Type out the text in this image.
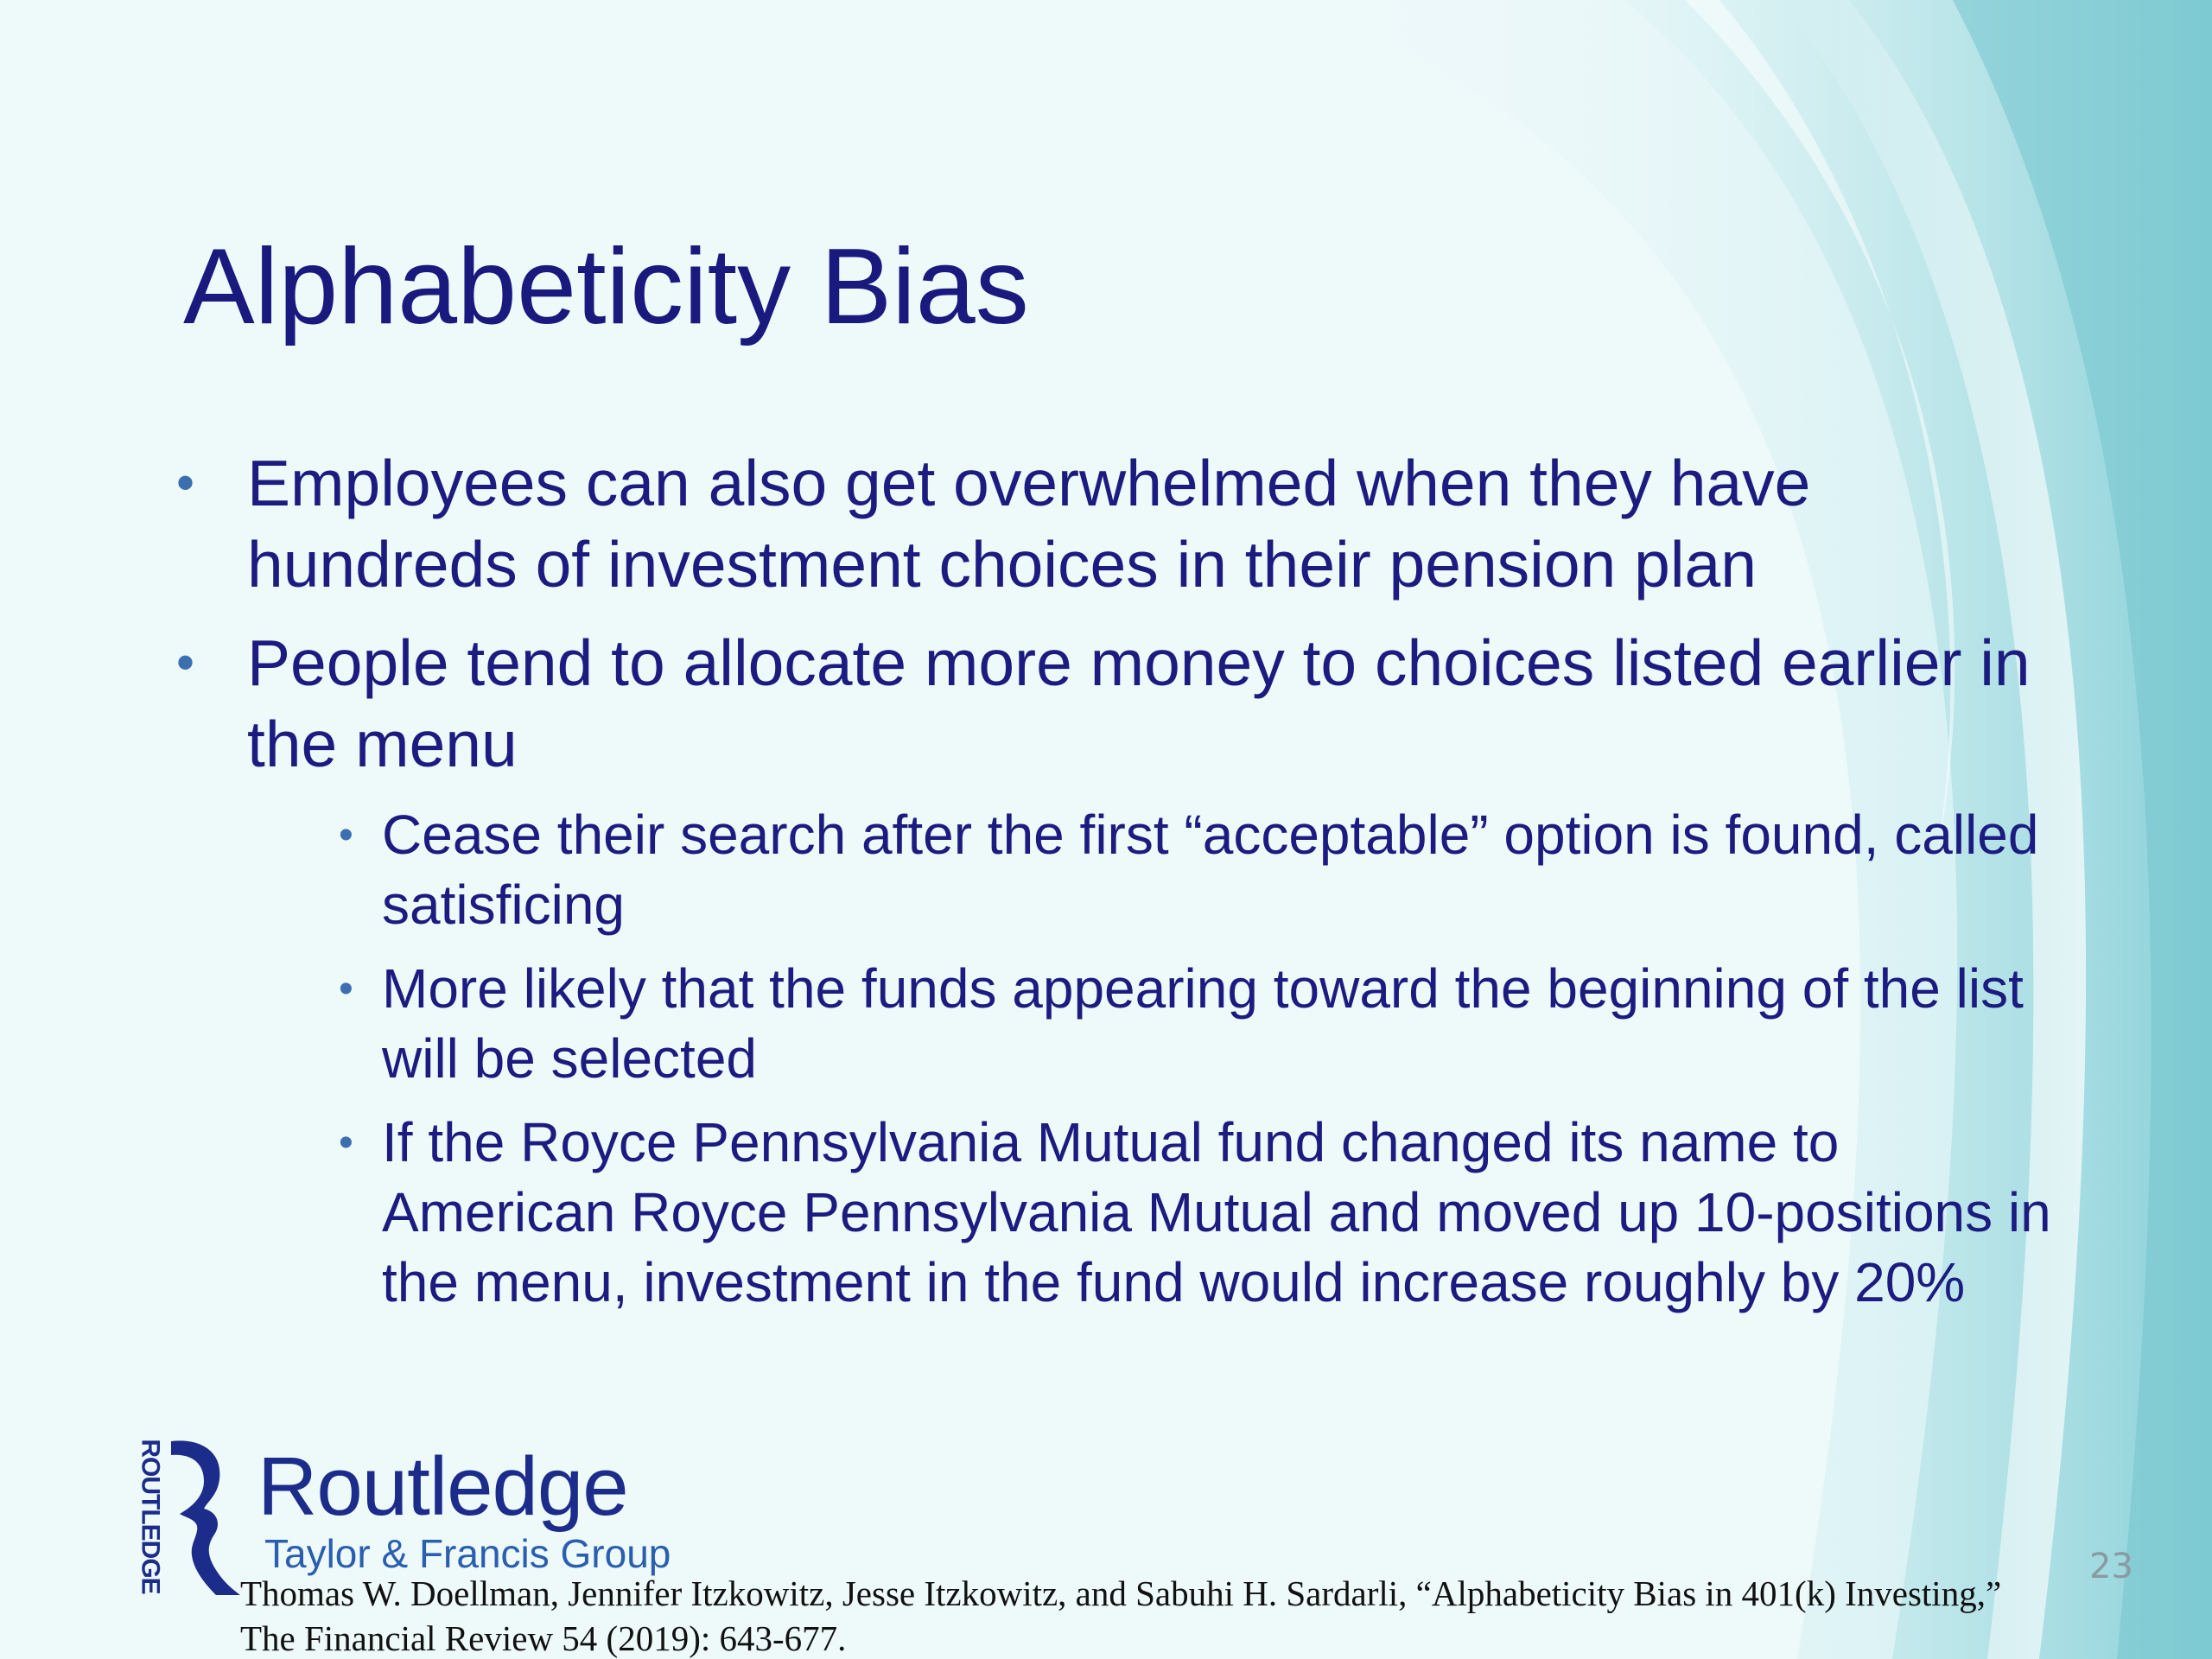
Alphabeticity Bias
• Employees can also get overwhelmed when they have hundreds of investment choices in their pension plan
• People tend to allocate more money to choices listed earlier in the menu
• Cease their search after the first “acceptable” option is found, called satisficing
• More likely that the funds appearing toward the beginning of the list will be selected
• If the Royce Pennsylvania Mutual fund changed its name to American Royce Pennsylvania Mutual and moved up 10-positions in the menu, investment in the fund would increase roughly by 20%
ROUTLEDGE Routledge
Taylor & Francis Group

Thomas W. Doellman, Jennifer Itzkowitz, Jesse Itzkowitz, and Sabuhi H. Sardarli, “Alphabeticity Bias in 401(k) Investing,” The Financial Review 54 (2019): 643-677.

23
